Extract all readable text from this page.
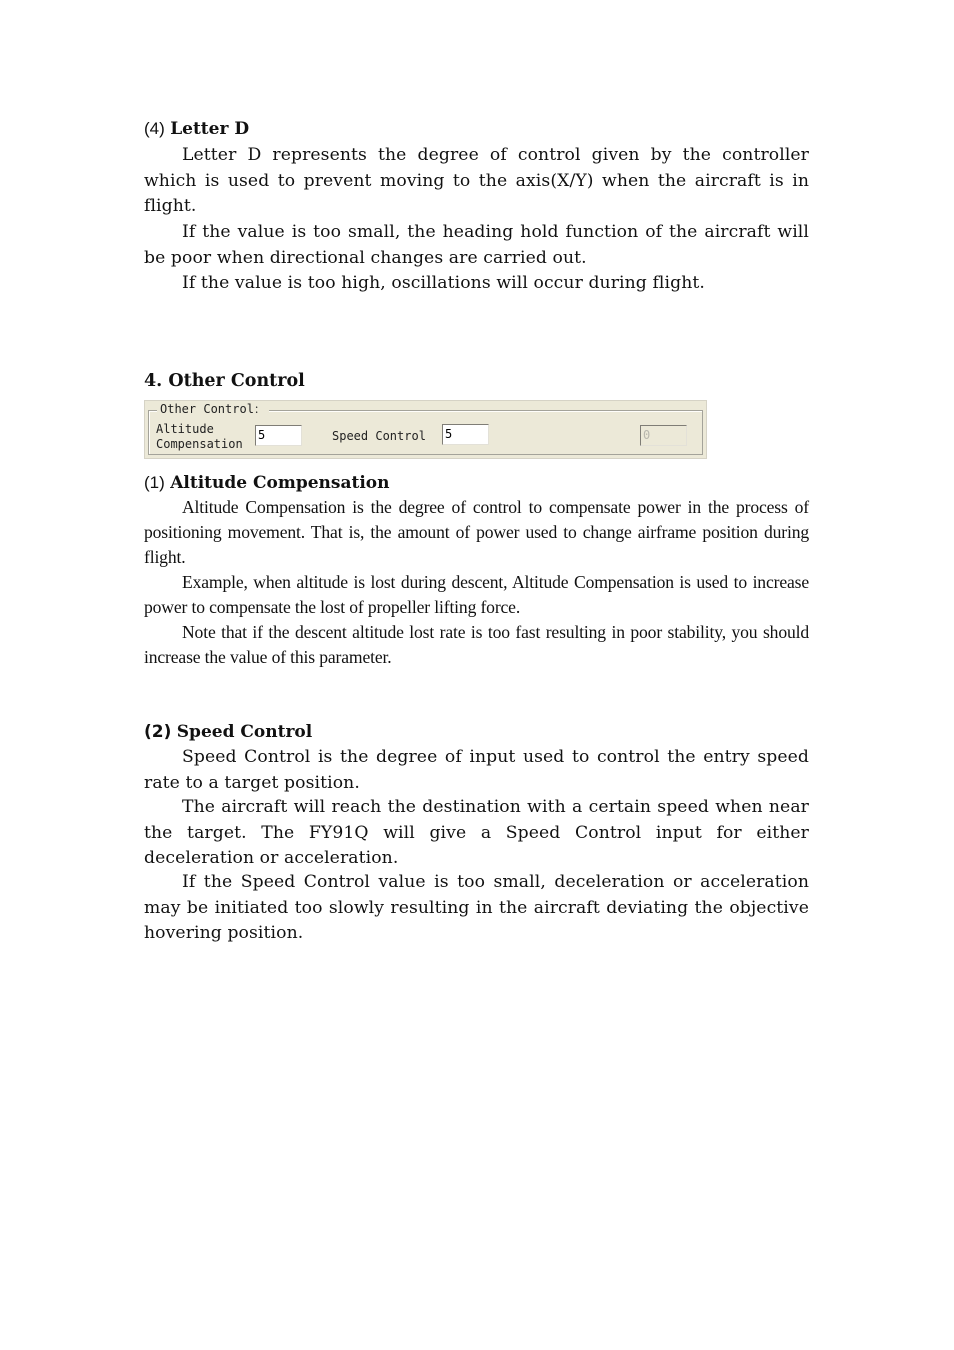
(4) Letter D

Letter D represents the degree of control given by the controller which is used to prevent moving to the axis(X/Y) when the aircraft is in flight.

If the value is too small, the heading hold function of the aircraft will be poor when directional changes are carried out.

If the value is too high, oscillations will occur during flight.

4. Other Control
(1) Altitude Compensation

Altitude Compensation is the degree of control to compensate power in the process of positioning movement. That is, the amount of power used to change airframe position during flight.

Example, when altitude is lost during descent, Altitude Compensation is used to increase power to compensate the lost of propeller lifting force.

Note that if the descent altitude lost rate is too fast resulting in poor stability, you should increase the value of this parameter.

(2) Speed Control

Speed Control is the degree of input used to control the entry speed rate to a target position.

The aircraft will reach the destination with a certain speed when near the target. The FY91Q will give a Speed Control input for either deceleration or acceleration.

If the Speed Control value is too small, deceleration or acceleration may be initiated too slowly resulting in the aircraft deviating the objective hovering position.

Other Control：
Altitude
Compensation
5	Speed Control 5	0
